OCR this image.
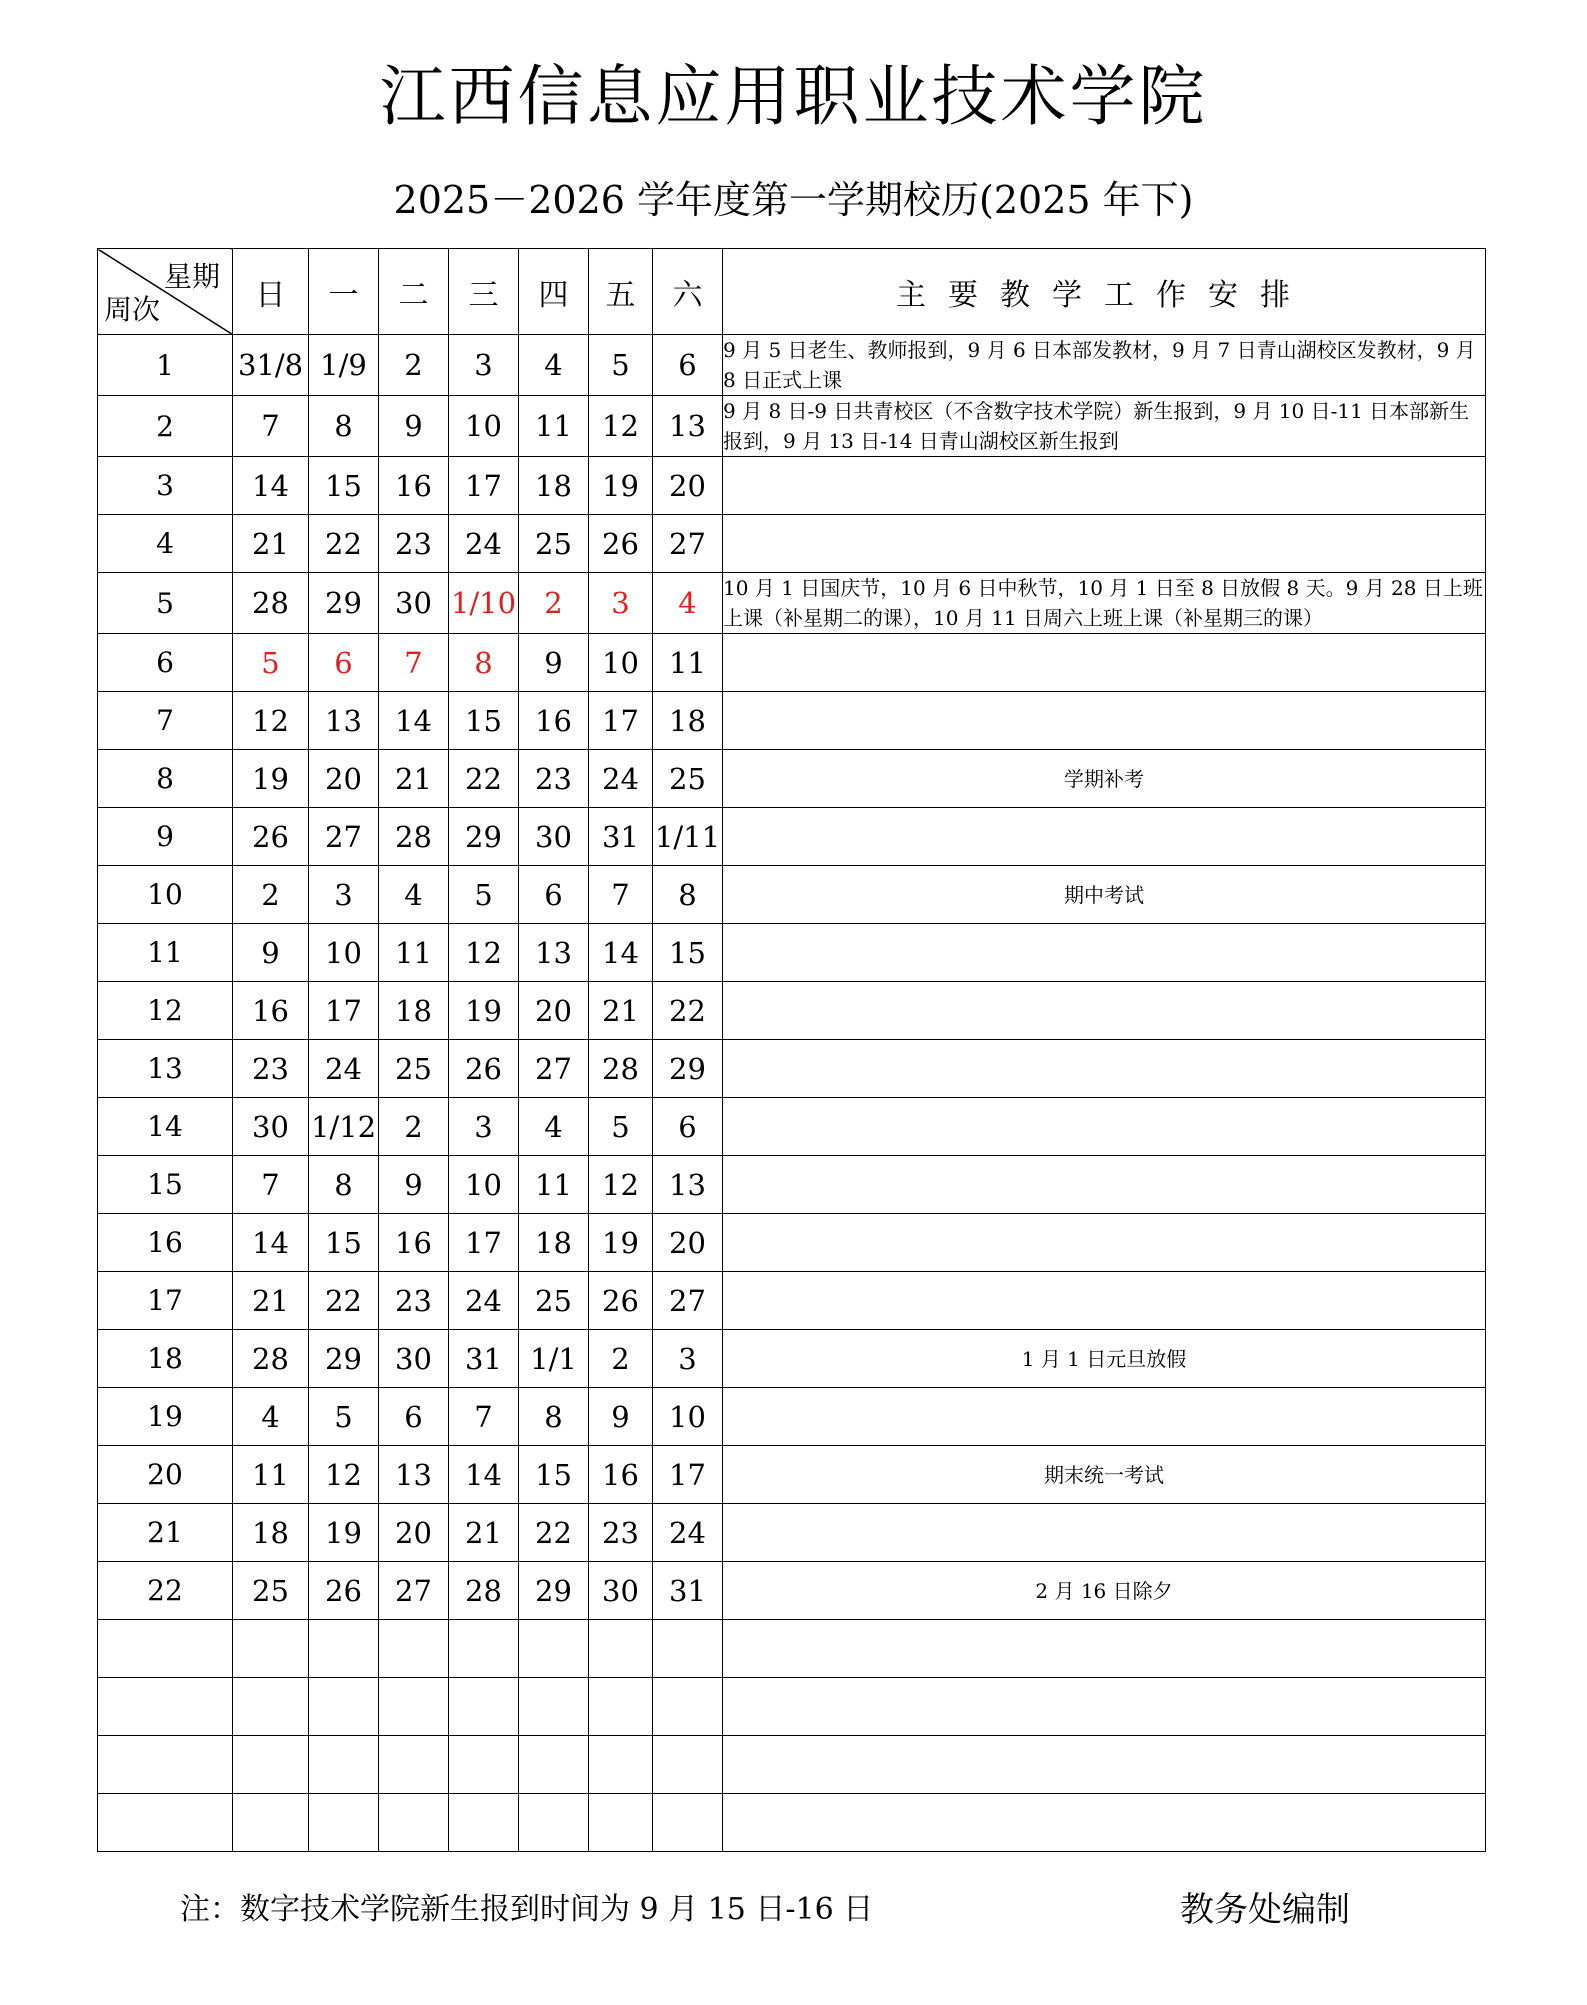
江西信息应用职业技术学院
2025－2026 学年度第一学期校历(2025 年下)
星期
周次	日	一	二	三	四	五	六	主要教学工作安排
1	31/8	1/9	2	3	4	5	6	9 月 5 日老生、教师报到，9 月 6 日本部发教材，9 月 7 日青山湖校区发教材，9 月 8 日正式上课
2	7	8	9	10	11	12	13	9 月 8 日-9 日共青校区（不含数字技术学院）新生报到，9 月 10 日-11 日本部新生报到，9 月 13 日-14 日青山湖校区新生报到
3	14	15	16	17	18	19	20	
4	21	22	23	24	25	26	27	
5	28	29	30	1/10	2	3	4	10 月 1 日国庆节，10 月 6 日中秋节，10 月 1 日至 8 日放假 8 天。9 月 28 日上班上课（补星期二的课），10 月 11 日周六上班上课（补星期三的课）
6	5	6	7	8	9	10	11	
7	12	13	14	15	16	17	18	
8	19	20	21	22	23	24	25	学期补考
9	26	27	28	29	30	31	1/11	
10	2	3	4	5	6	7	8	期中考试
11	9	10	11	12	13	14	15	
12	16	17	18	19	20	21	22	
13	23	24	25	26	27	28	29	
14	30	1/12	2	3	4	5	6	
15	7	8	9	10	11	12	13	
16	14	15	16	17	18	19	20	
17	21	22	23	24	25	26	27	
18	28	29	30	31	1/1	2	3	1 月 1 日元旦放假
19	4	5	6	7	8	9	10	
20	11	12	13	14	15	16	17	期末统一考试
21	18	19	20	21	22	23	24	
22	25	26	27	28	29	30	31	2 月 16 日除夕

注：数字技术学院新生报到时间为 9 月 15 日-16 日	教务处编制
